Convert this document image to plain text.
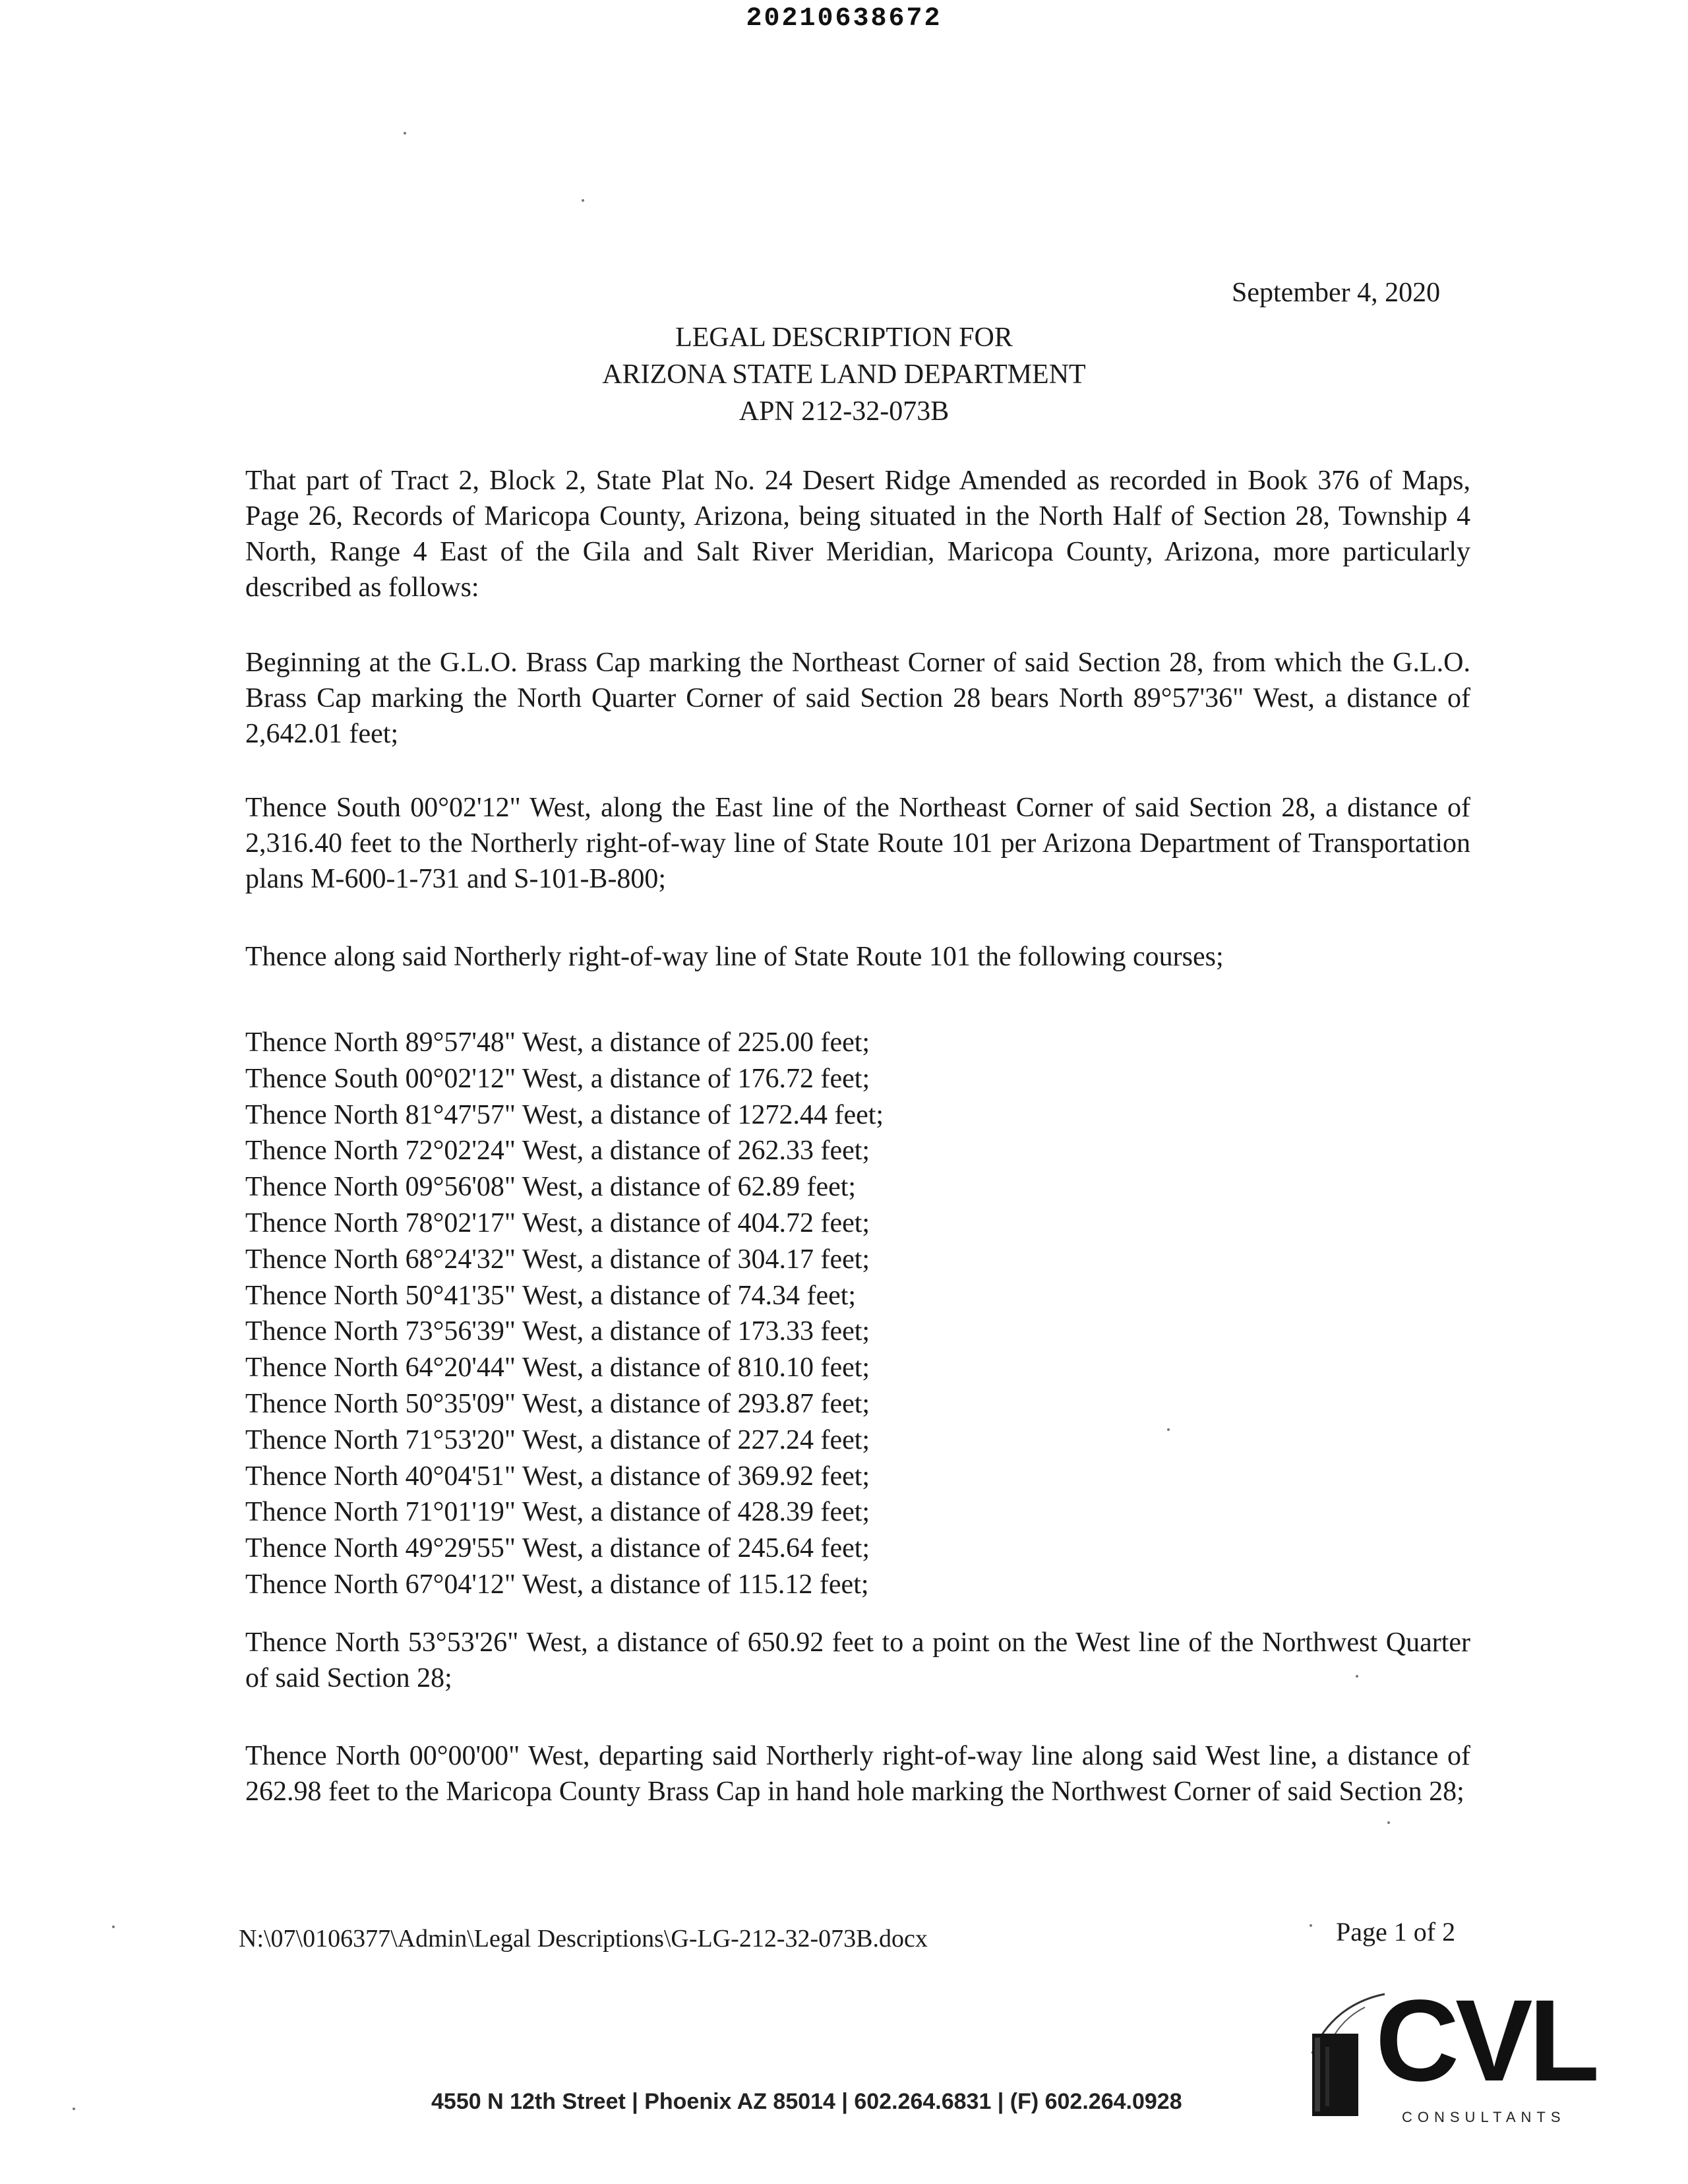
20210638672
September 4, 2020
LEGAL DESCRIPTION FOR
ARIZONA STATE LAND DEPARTMENT
APN 212-32-073B
That part of Tract 2, Block 2, State Plat No. 24 Desert Ridge Amended as recorded in Book 376 of Maps, Page 26, Records of Maricopa County, Arizona, being situated in the North Half of Section 28, Township 4 North, Range 4 East of the Gila and Salt River Meridian, Maricopa County, Arizona, more particularly described as follows:
Beginning at the G.L.O. Brass Cap marking the Northeast Corner of said Section 28, from which the G.L.O. Brass Cap marking the North Quarter Corner of said Section 28 bears North 89°57'36" West, a distance of 2,642.01 feet;
Thence South 00°02'12" West, along the East line of the Northeast Corner of said Section 28, a distance of 2,316.40 feet to the Northerly right-of-way line of State Route 101 per Arizona Department of Transportation plans M-600-1-731 and S-101-B-800;
Thence along said Northerly right-of-way line of State Route 101 the following courses;
Thence North 89°57'48" West, a distance of 225.00 feet;
Thence South 00°02'12" West, a distance of 176.72 feet;
Thence North 81°47'57" West, a distance of 1272.44 feet;
Thence North 72°02'24" West, a distance of 262.33 feet;
Thence North 09°56'08" West, a distance of 62.89 feet;
Thence North 78°02'17" West, a distance of 404.72 feet;
Thence North 68°24'32" West, a distance of 304.17 feet;
Thence North 50°41'35" West, a distance of 74.34 feet;
Thence North 73°56'39" West, a distance of 173.33 feet;
Thence North 64°20'44" West, a distance of 810.10 feet;
Thence North 50°35'09" West, a distance of 293.87 feet;
Thence North 71°53'20" West, a distance of 227.24 feet;
Thence North 40°04'51" West, a distance of 369.92 feet;
Thence North 71°01'19" West, a distance of 428.39 feet;
Thence North 49°29'55" West, a distance of 245.64 feet;
Thence North 67°04'12" West, a distance of 115.12 feet;
Thence North 53°53'26" West, a distance of 650.92 feet to a point on the West line of the Northwest Quarter of said Section 28;
Thence North 00°00'00" West, departing said Northerly right-of-way line along said West line, a distance of 262.98 feet to the Maricopa County Brass Cap in hand hole marking the Northwest Corner of said Section 28;
N:\07\0106377\Admin\Legal Descriptions\G-LG-212-32-073B.docx	Page 1 of 2
4550 N 12th Street | Phoenix AZ 85014 | 602.264.6831 | (F) 602.264.0928 CVL
CONSULTANTS
